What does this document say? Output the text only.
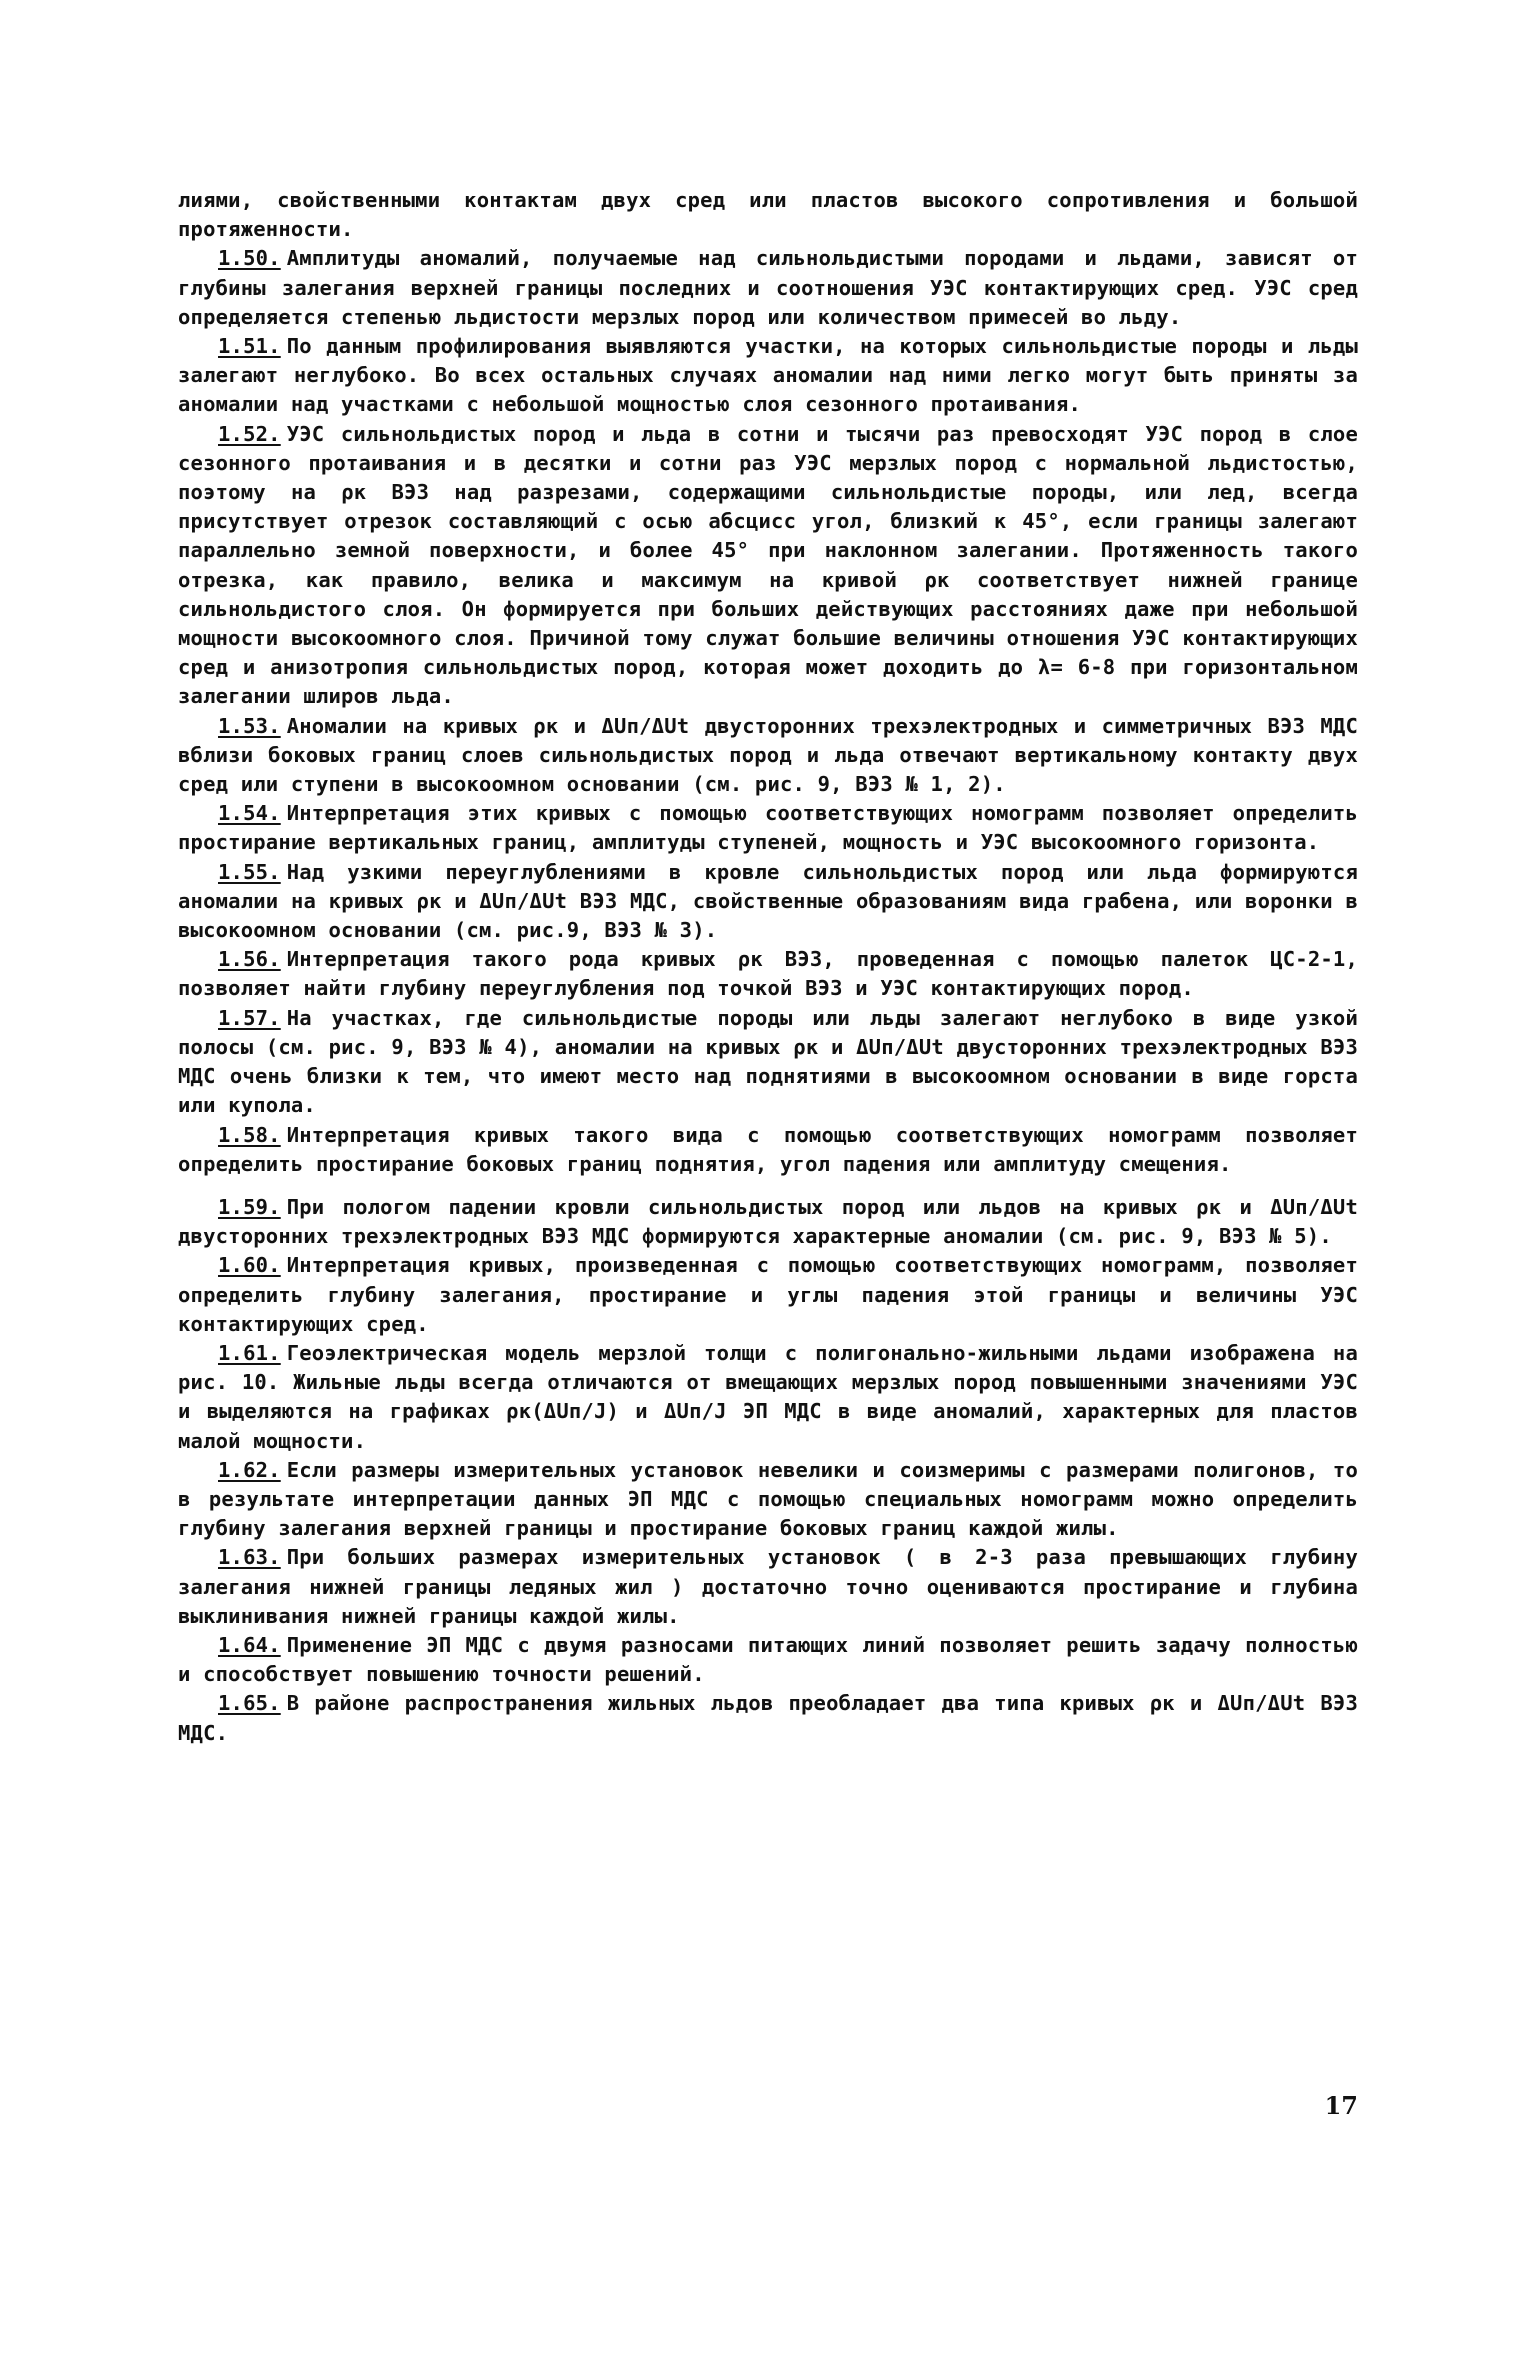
лиями, свойственными контактам двух сред или пластов высокого сопротивления и большой протяженности.

1.50. Амплитуды аномалий, получаемые над сильнольдистыми породами и льдами, зависят от глубины залегания верхней границы последних и соотношения УЭС контактирующих сред. УЭС сред определяется степенью льдистости мерзлых пород или количеством примесей во льду.

1.51. По данным профилирования выявляются участки, на которых сильнольдистые породы и льды залегают неглубоко. Во всех остальных случаях аномалии над ними легко могут быть приняты за аномалии над участками с небольшой мощностью слоя сезонного протаивания.

1.52. УЭС сильнольдистых пород и льда в сотни и тысячи раз превосходят УЭС пород в слое сезонного протаивания и в десятки и сотни раз УЭС мерзлых пород с нормальной льдистостью, поэтому на ρк ВЭЗ над разрезами, содержащими сильнольдистые породы, или лед, всегда присутствует отрезок составляющий с осью абсцисс угол, близкий к 45°, если границы залегают параллельно земной поверхности, и более 45° при наклонном залегании. Протяженность такого отрезка, как правило, велика и максимум на кривой ρк соответствует нижней границе сильнольдистого слоя. Он формируется при больших действующих расстояниях даже при небольшой мощности высокоомного слоя. Причиной тому служат большие величины отношения УЭС контактирующих сред и анизотропия сильнольдистых пород, которая может доходить до λ= 6-8 при горизонтальном залегании шлиров льда.

1.53. Аномалии на кривых ρк и ΔUп/ΔUt двусторонних трехэлектродных и симметричных ВЭЗ МДС вблизи боковых границ слоев сильнольдистых пород и льда отвечают вертикальному контакту двух сред или ступени в высокоомном основании (см. рис. 9, ВЭЗ № 1, 2).

1.54. Интерпретация этих кривых с помощью соответствующих номограмм позволяет определить простирание вертикальных границ, амплитуды ступеней, мощность и УЭС высокоомного горизонта.

1.55. Над узкими переуглублениями в кровле сильнольдистых пород или льда формируются аномалии на кривых ρк и ΔUп/ΔUt ВЭЗ МДС, свойственные образованиям вида грабена, или воронки в высокоомном основании (см. рис.9, ВЭЗ № 3).

1.56. Интерпретация такого рода кривых ρк ВЭЗ, проведенная с помощью палеток ЦС-2-1, позволяет найти глубину переуглубления под точкой ВЭЗ и УЭС контактирующих пород.

1.57. На участках, где сильнольдистые породы или льды залегают неглубоко в виде узкой полосы (см. рис. 9, ВЭЗ № 4), аномалии на кривых ρк и ΔUп/ΔUt двусторонних трехэлектродных ВЭЗ МДС очень близки к тем, что имеют место над поднятиями в высокоомном основании в виде горста или купола.

1.58. Интерпретация кривых такого вида с помощью соответствующих номограмм позволяет определить простирание боковых границ поднятия, угол падения или амплитуду смещения.

1.59. При пологом падении кровли сильнольдистых пород или льдов на кривых ρк и ΔUп/ΔUt двусторонних трехэлектродных ВЭЗ МДС формируются характерные аномалии (см. рис. 9, ВЭЗ № 5).

1.60. Интерпретация кривых, произведенная с помощью соответствующих номограмм, позволяет определить глубину залегания, простирание и углы падения этой границы и величины УЭС контактирующих сред.

1.61. Геоэлектрическая модель мерзлой толщи с полигонально-жильными льдами изображена на рис. 10. Жильные льды всегда отличаются от вмещающих мерзлых пород повышенными значениями УЭС и выделяются на графиках ρк(ΔUп/J) и ΔUп/J ЭП МДС в виде аномалий, характерных для пластов малой мощности.

1.62. Если размеры измерительных установок невелики и соизмеримы с размерами полигонов, то в результате интерпретации данных ЭП МДС с помощью специальных номограмм можно определить глубину залегания верхней границы и простирание боковых границ каждой жилы.

1.63. При больших размерах измерительных установок ( в 2-3 раза превышающих глубину залегания нижней границы ледяных жил ) достаточно точно оцениваются простирание и глубина выклинивания нижней границы каждой жилы.

1.64. Применение ЭП МДС с двумя разносами питающих линий позволяет решить задачу полностью и способствует повышению точности решений.

1.65. В районе распространения жильных льдов преобладает два типа кривых ρк и ΔUп/ΔUt ВЭЗ МДС.

17
